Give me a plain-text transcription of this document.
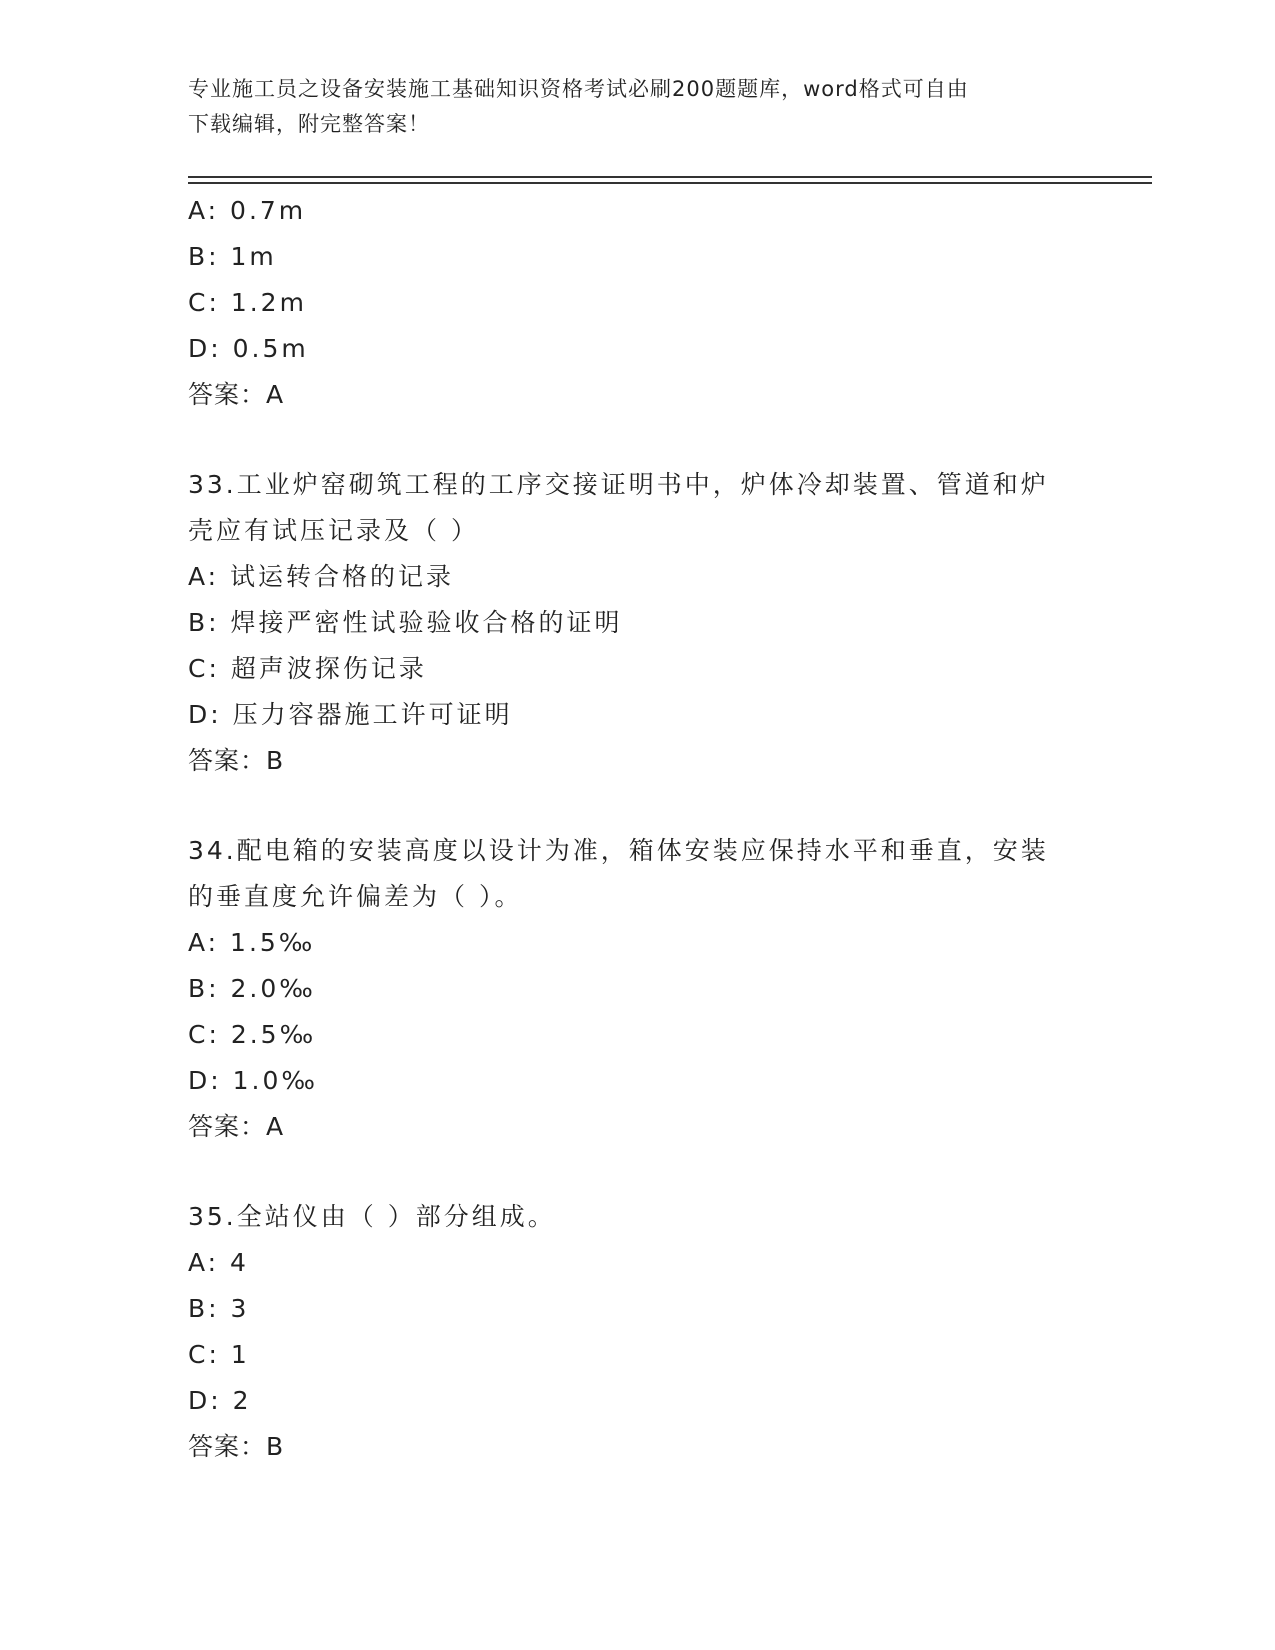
专业施工员之设备安装施工基础知识资格考试必刷200题题库，word格式可自由
下载编辑，附完整答案！
A: 0.7m
B: 1m
C: 1.2m
D: 0.5m
答案：A
33.工业炉窑砌筑工程的工序交接证明书中，炉体冷却装置、管道和炉
壳应有试压记录及（ ）
A: 试运转合格的记录
B: 焊接严密性试验验收合格的证明
C: 超声波探伤记录
D: 压力容器施工许可证明
答案：B
34.配电箱的安装高度以设计为准，箱体安装应保持水平和垂直，安装
的垂直度允许偏差为（ ）。
A: 1.5‰
B: 2.0‰
C: 2.5‰
D: 1.0‰
答案：A
35.全站仪由（ ）部分组成。
A: 4
B: 3
C: 1
D: 2
答案：B
